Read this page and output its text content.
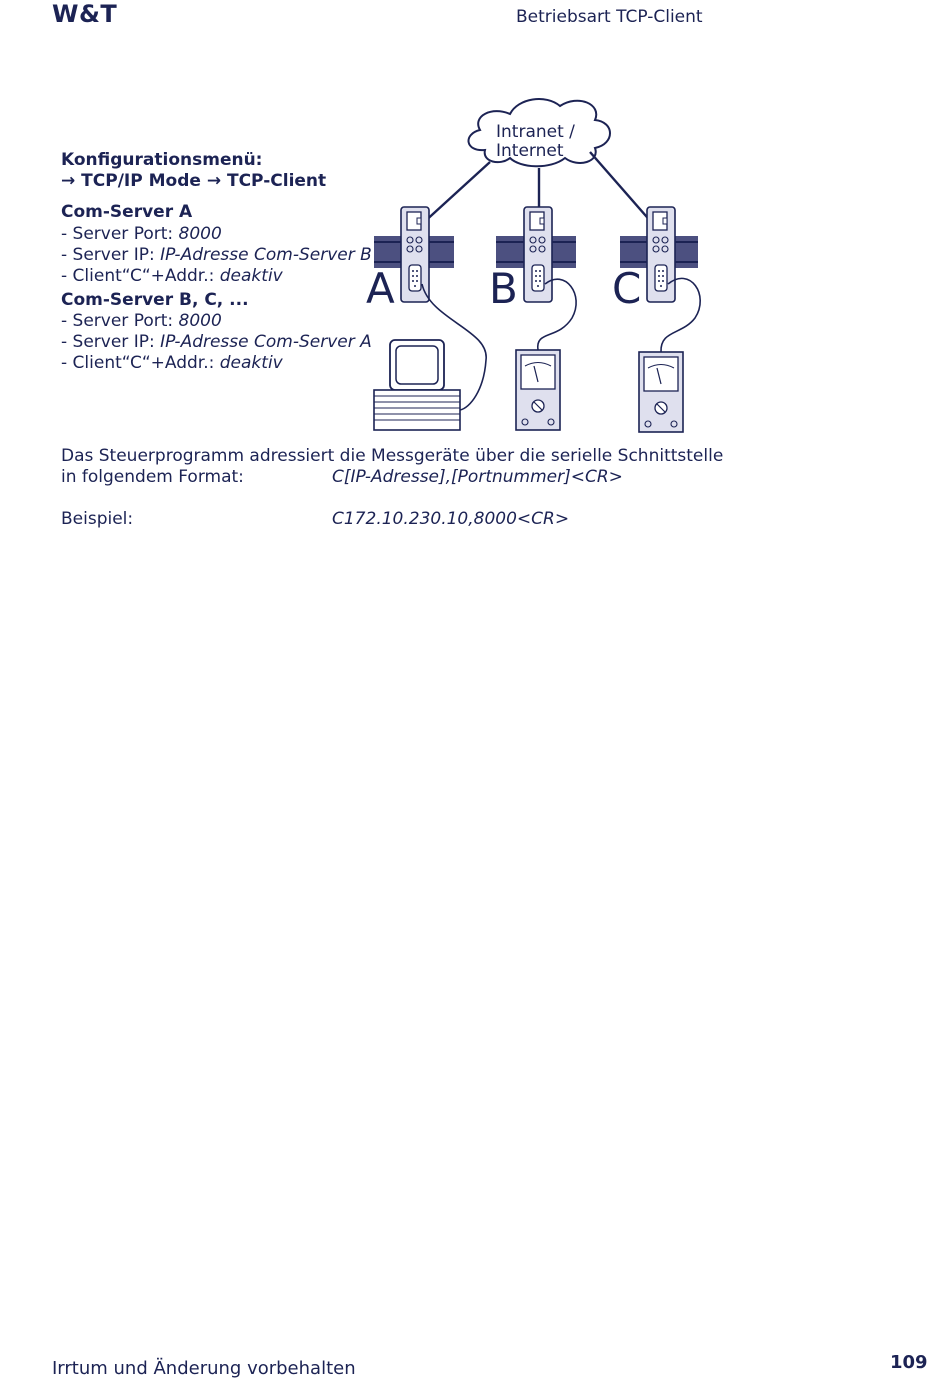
W&T	Betriebsart TCP-Client
Konfigurationsmenü:
→ TCP/IP Mode → TCP-Client
Com-Server A
- Server Port: 8000
- Server IP: IP-Adresse Com-Server B
- Client“C“+Addr.: deaktiv
Com-Server B, C, ...
- Server Port: 8000
- Server IP: IP-Adresse Com-Server A
- Client“C“+Addr.: deaktiv
Intranet /
Internet
A B C
Das Steuerprogramm adressiert die Messgeräte über die serielle Schnittstelle
in folgendem Format:	C[IP-Adresse],[Portnummer]<CR>
Beispiel:	C172.10.230.10,8000<CR>
Irrtum und Änderung vorbehalten	109
